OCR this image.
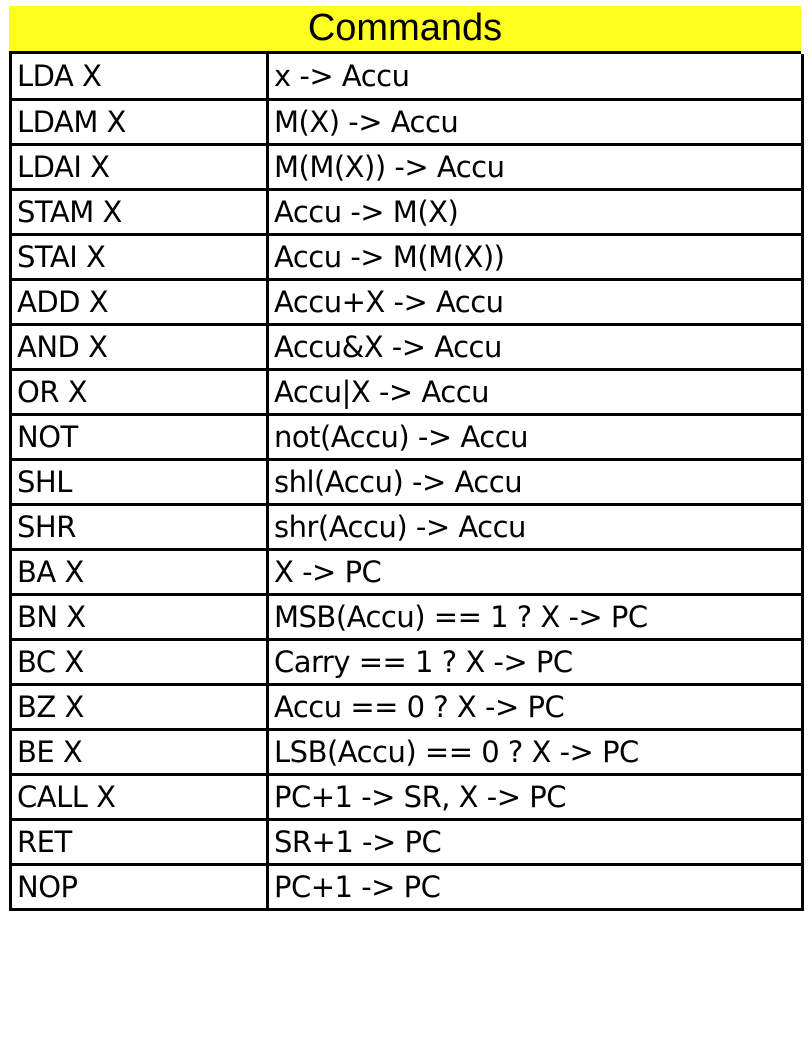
Commands
LDA X	x -> Accu
LDAM X	M(X) -> Accu
LDAI X	M(M(X)) -> Accu
STAM X	Accu -> M(X)
STAI X	Accu -> M(M(X))
ADD X	Accu+X -> Accu
AND X	Accu&X -> Accu
OR X	Accu|X -> Accu
NOT	not(Accu) -> Accu
SHL	shl(Accu) -> Accu
SHR	shr(Accu) -> Accu
BA X	X -> PC
BN X	MSB(Accu) == 1 ? X -> PC
BC X	Carry == 1 ? X -> PC
BZ X	Accu == 0 ? X -> PC
BE X	LSB(Accu) == 0 ? X -> PC
CALL X	PC+1 -> SR, X -> PC
RET	SR+1 -> PC
NOP	PC+1 -> PC
